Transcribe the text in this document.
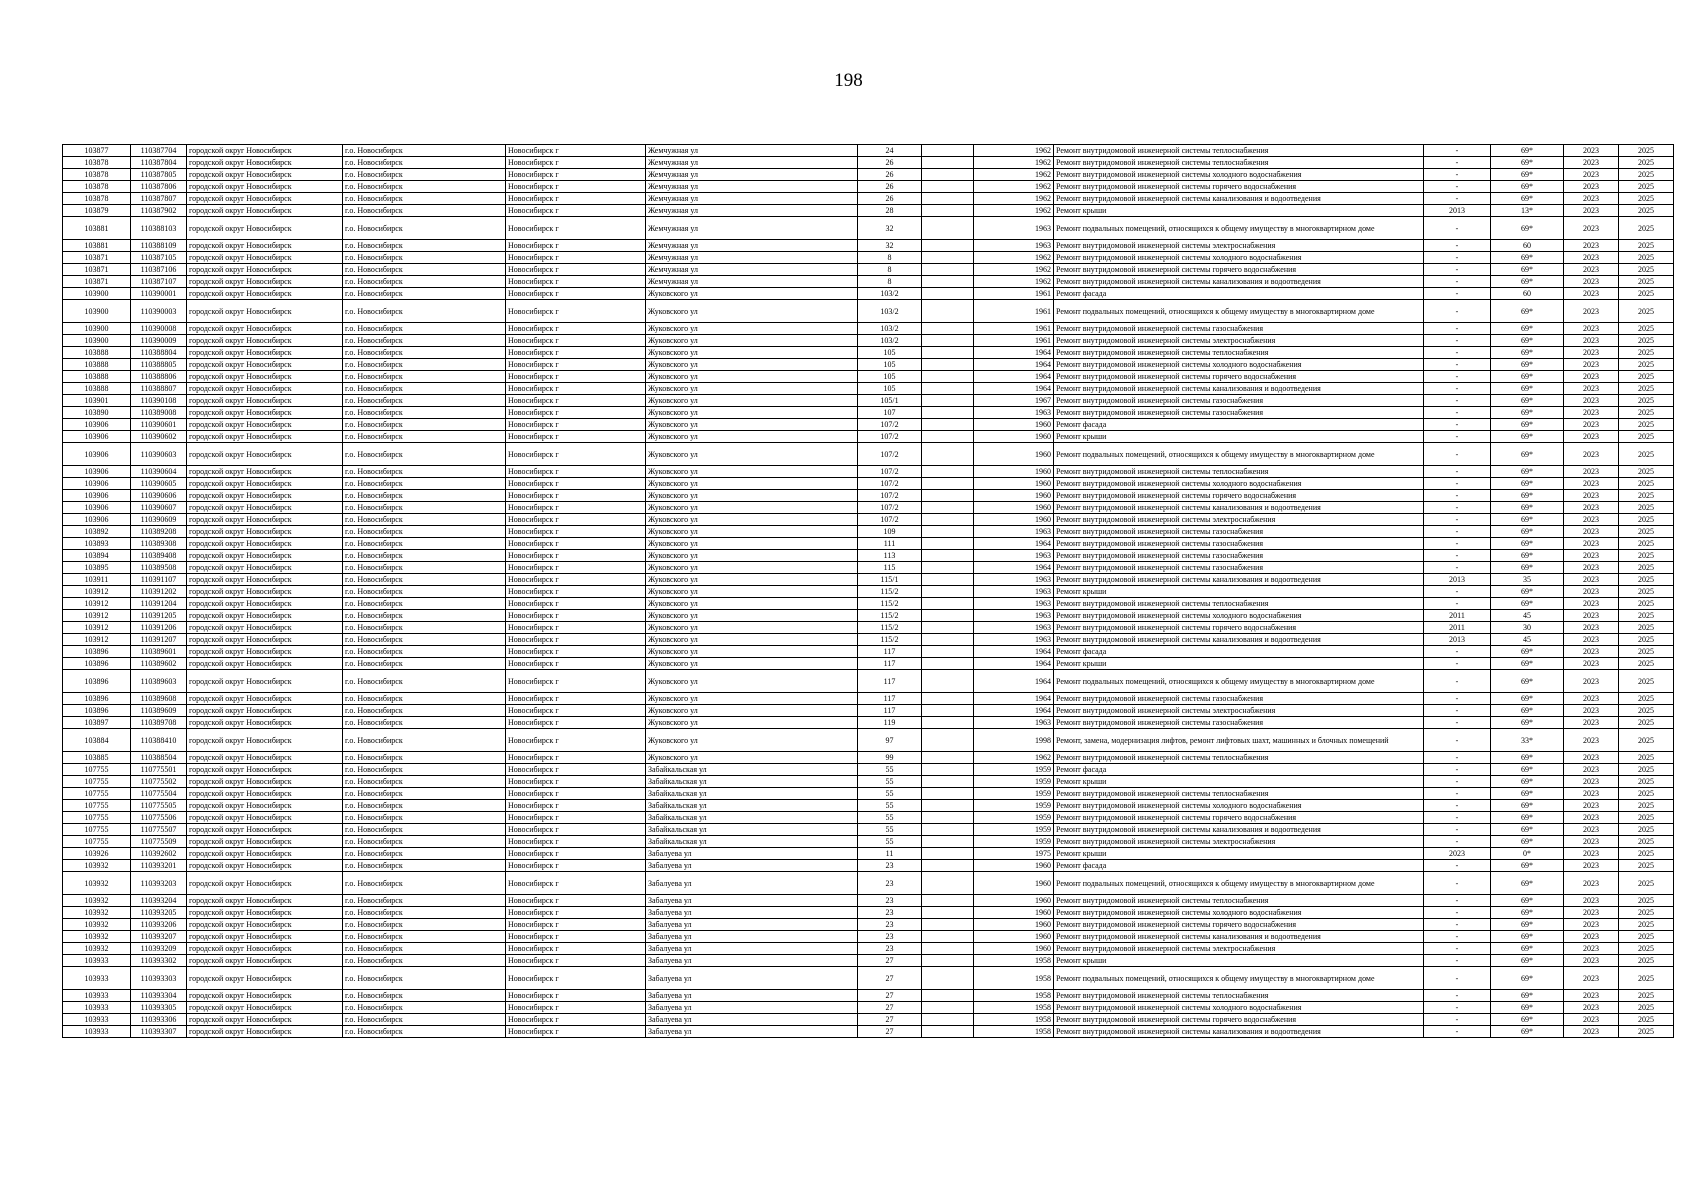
198
103877	110387704	городской округ Новосибирск	г.о. Новосибирск	Новосибирск г	Жемчужная ул	24		1962	Ремонт внутридомовой инженерной системы теплоснабжения	-	69*	2023	2025
103878	110387804	городской округ Новосибирск	г.о. Новосибирск	Новосибирск г	Жемчужная ул	26		1962	Ремонт внутридомовой инженерной системы теплоснабжения	-	69*	2023	2025
103878	110387805	городской округ Новосибирск	г.о. Новосибирск	Новосибирск г	Жемчужная ул	26		1962	Ремонт внутридомовой инженерной системы холодного водоснабжения	-	69*	2023	2025
103878	110387806	городской округ Новосибирск	г.о. Новосибирск	Новосибирск г	Жемчужная ул	26		1962	Ремонт внутридомовой инженерной системы горячего водоснабжения	-	69*	2023	2025
103878	110387807	городской округ Новосибирск	г.о. Новосибирск	Новосибирск г	Жемчужная ул	26		1962	Ремонт внутридомовой инженерной системы канализования и водоотведения	-	69*	2023	2025
103879	110387902	городской округ Новосибирск	г.о. Новосибирск	Новосибирск г	Жемчужная ул	28		1962	Ремонт крыши	2013	13*	2023	2025
103881	110388103	городской округ Новосибирск	г.о. Новосибирск	Новосибирск г	Жемчужная ул	32		1963	Ремонт подвальных помещений, относящихся к общему имуществу в многоквартирном доме	-	69*	2023	2025
103881	110388109	городской округ Новосибирск	г.о. Новосибирск	Новосибирск г	Жемчужная ул	32		1963	Ремонт внутридомовой инженерной системы электроснабжения	-	60	2023	2025
103871	110387105	городской округ Новосибирск	г.о. Новосибирск	Новосибирск г	Жемчужная ул	8		1962	Ремонт внутридомовой инженерной системы холодного водоснабжения	-	69*	2023	2025
103871	110387106	городской округ Новосибирск	г.о. Новосибирск	Новосибирск г	Жемчужная ул	8		1962	Ремонт внутридомовой инженерной системы горячего водоснабжения	-	69*	2023	2025
103871	110387107	городской округ Новосибирск	г.о. Новосибирск	Новосибирск г	Жемчужная ул	8		1962	Ремонт внутридомовой инженерной системы канализования и водоотведения	-	69*	2023	2025
103900	110390001	городской округ Новосибирск	г.о. Новосибирск	Новосибирск г	Жуковского ул	103/2		1961	Ремонт фасада	-	60	2023	2025
103900	110390003	городской округ Новосибирск	г.о. Новосибирск	Новосибирск г	Жуковского ул	103/2		1961	Ремонт подвальных помещений, относящихся к общему имуществу в многоквартирном доме	-	69*	2023	2025
103900	110390008	городской округ Новосибирск	г.о. Новосибирск	Новосибирск г	Жуковского ул	103/2		1961	Ремонт внутридомовой инженерной системы газоснабжения	-	69*	2023	2025
103900	110390009	городской округ Новосибирск	г.о. Новосибирск	Новосибирск г	Жуковского ул	103/2		1961	Ремонт внутридомовой инженерной системы электроснабжения	-	69*	2023	2025
103888	110388804	городской округ Новосибирск	г.о. Новосибирск	Новосибирск г	Жуковского ул	105		1964	Ремонт внутридомовой инженерной системы теплоснабжения	-	69*	2023	2025
103888	110388805	городской округ Новосибирск	г.о. Новосибирск	Новосибирск г	Жуковского ул	105		1964	Ремонт внутридомовой инженерной системы холодного водоснабжения	-	69*	2023	2025
103888	110388806	городской округ Новосибирск	г.о. Новосибирск	Новосибирск г	Жуковского ул	105		1964	Ремонт внутридомовой инженерной системы горячего водоснабжения	-	69*	2023	2025
103888	110388807	городской округ Новосибирск	г.о. Новосибирск	Новосибирск г	Жуковского ул	105		1964	Ремонт внутридомовой инженерной системы канализования и водоотведения	-	69*	2023	2025
103901	110390108	городской округ Новосибирск	г.о. Новосибирск	Новосибирск г	Жуковского ул	105/1		1967	Ремонт внутридомовой инженерной системы газоснабжения	-	69*	2023	2025
103890	110389008	городской округ Новосибирск	г.о. Новосибирск	Новосибирск г	Жуковского ул	107		1963	Ремонт внутридомовой инженерной системы газоснабжения	-	69*	2023	2025
103906	110390601	городской округ Новосибирск	г.о. Новосибирск	Новосибирск г	Жуковского ул	107/2		1960	Ремонт фасада	-	69*	2023	2025
103906	110390602	городской округ Новосибирск	г.о. Новосибирск	Новосибирск г	Жуковского ул	107/2		1960	Ремонт крыши	-	69*	2023	2025
103906	110390603	городской округ Новосибирск	г.о. Новосибирск	Новосибирск г	Жуковского ул	107/2		1960	Ремонт подвальных помещений, относящихся к общему имуществу в многоквартирном доме	-	69*	2023	2025
103906	110390604	городской округ Новосибирск	г.о. Новосибирск	Новосибирск г	Жуковского ул	107/2		1960	Ремонт внутридомовой инженерной системы теплоснабжения	-	69*	2023	2025
103906	110390605	городской округ Новосибирск	г.о. Новосибирск	Новосибирск г	Жуковского ул	107/2		1960	Ремонт внутридомовой инженерной системы холодного водоснабжения	-	69*	2023	2025
103906	110390606	городской округ Новосибирск	г.о. Новосибирск	Новосибирск г	Жуковского ул	107/2		1960	Ремонт внутридомовой инженерной системы горячего водоснабжения	-	69*	2023	2025
103906	110390607	городской округ Новосибирск	г.о. Новосибирск	Новосибирск г	Жуковского ул	107/2		1960	Ремонт внутридомовой инженерной системы канализования и водоотведения	-	69*	2023	2025
103906	110390609	городской округ Новосибирск	г.о. Новосибирск	Новосибирск г	Жуковского ул	107/2		1960	Ремонт внутридомовой инженерной системы электроснабжения	-	69*	2023	2025
103892	110389208	городской округ Новосибирск	г.о. Новосибирск	Новосибирск г	Жуковского ул	109		1963	Ремонт внутридомовой инженерной системы газоснабжения	-	69*	2023	2025
103893	110389308	городской округ Новосибирск	г.о. Новосибирск	Новосибирск г	Жуковского ул	111		1964	Ремонт внутридомовой инженерной системы газоснабжения	-	69*	2023	2025
103894	110389408	городской округ Новосибирск	г.о. Новосибирск	Новосибирск г	Жуковского ул	113		1963	Ремонт внутридомовой инженерной системы газоснабжения	-	69*	2023	2025
103895	110389508	городской округ Новосибирск	г.о. Новосибирск	Новосибирск г	Жуковского ул	115		1964	Ремонт внутридомовой инженерной системы газоснабжения	-	69*	2023	2025
103911	110391107	городской округ Новосибирск	г.о. Новосибирск	Новосибирск г	Жуковского ул	115/1		1963	Ремонт внутридомовой инженерной системы канализования и водоотведения	2013	35	2023	2025
103912	110391202	городской округ Новосибирск	г.о. Новосибирск	Новосибирск г	Жуковского ул	115/2		1963	Ремонт крыши	-	69*	2023	2025
103912	110391204	городской округ Новосибирск	г.о. Новосибирск	Новосибирск г	Жуковского ул	115/2		1963	Ремонт внутридомовой инженерной системы теплоснабжения	-	69*	2023	2025
103912	110391205	городской округ Новосибирск	г.о. Новосибирск	Новосибирск г	Жуковского ул	115/2		1963	Ремонт внутридомовой инженерной системы холодного водоснабжения	2011	45	2023	2025
103912	110391206	городской округ Новосибирск	г.о. Новосибирск	Новосибирск г	Жуковского ул	115/2		1963	Ремонт внутридомовой инженерной системы горячего водоснабжения	2011	30	2023	2025
103912	110391207	городской округ Новосибирск	г.о. Новосибирск	Новосибирск г	Жуковского ул	115/2		1963	Ремонт внутридомовой инженерной системы канализования и водоотведения	2013	45	2023	2025
103896	110389601	городской округ Новосибирск	г.о. Новосибирск	Новосибирск г	Жуковского ул	117		1964	Ремонт фасада	-	69*	2023	2025
103896	110389602	городской округ Новосибирск	г.о. Новосибирск	Новосибирск г	Жуковского ул	117		1964	Ремонт крыши	-	69*	2023	2025
103896	110389603	городской округ Новосибирск	г.о. Новосибирск	Новосибирск г	Жуковского ул	117		1964	Ремонт подвальных помещений, относящихся к общему имуществу в многоквартирном доме	-	69*	2023	2025
103896	110389608	городской округ Новосибирск	г.о. Новосибирск	Новосибирск г	Жуковского ул	117		1964	Ремонт внутридомовой инженерной системы газоснабжения	-	69*	2023	2025
103896	110389609	городской округ Новосибирск	г.о. Новосибирск	Новосибирск г	Жуковского ул	117		1964	Ремонт внутридомовой инженерной системы электроснабжения	-	69*	2023	2025
103897	110389708	городской округ Новосибирск	г.о. Новосибирск	Новосибирск г	Жуковского ул	119		1963	Ремонт внутридомовой инженерной системы газоснабжения	-	69*	2023	2025
103884	110388410	городской округ Новосибирск	г.о. Новосибирск	Новосибирск г	Жуковского ул	97		1998	Ремонт, замена, модернизация лифтов, ремонт лифтовых шахт, машинных и блочных помещений	-	33*	2023	2025
103885	110388504	городской округ Новосибирск	г.о. Новосибирск	Новосибирск г	Жуковского ул	99		1962	Ремонт внутридомовой инженерной системы теплоснабжения	-	69*	2023	2025
107755	110775501	городской округ Новосибирск	г.о. Новосибирск	Новосибирск г	Забайкальская ул	55		1959	Ремонт фасада	-	69*	2023	2025
107755	110775502	городской округ Новосибирск	г.о. Новосибирск	Новосибирск г	Забайкальская ул	55		1959	Ремонт крыши	-	69*	2023	2025
107755	110775504	городской округ Новосибирск	г.о. Новосибирск	Новосибирск г	Забайкальская ул	55		1959	Ремонт внутридомовой инженерной системы теплоснабжения	-	69*	2023	2025
107755	110775505	городской округ Новосибирск	г.о. Новосибирск	Новосибирск г	Забайкальская ул	55		1959	Ремонт внутридомовой инженерной системы холодного водоснабжения	-	69*	2023	2025
107755	110775506	городской округ Новосибирск	г.о. Новосибирск	Новосибирск г	Забайкальская ул	55		1959	Ремонт внутридомовой инженерной системы горячего водоснабжения	-	69*	2023	2025
107755	110775507	городской округ Новосибирск	г.о. Новосибирск	Новосибирск г	Забайкальская ул	55		1959	Ремонт внутридомовой инженерной системы канализования и водоотведения	-	69*	2023	2025
107755	110775509	городской округ Новосибирск	г.о. Новосибирск	Новосибирск г	Забайкальская ул	55		1959	Ремонт внутридомовой инженерной системы электроснабжения	-	69*	2023	2025
103926	110392602	городской округ Новосибирск	г.о. Новосибирск	Новосибирск г	Забалуева ул	11		1975	Ремонт крыши	2023	0*	2023	2025
103932	110393201	городской округ Новосибирск	г.о. Новосибирск	Новосибирск г	Забалуева ул	23		1960	Ремонт фасада	-	69*	2023	2025
103932	110393203	городской округ Новосибирск	г.о. Новосибирск	Новосибирск г	Забалуева ул	23		1960	Ремонт подвальных помещений, относящихся к общему имуществу в многоквартирном доме	-	69*	2023	2025
103932	110393204	городской округ Новосибирск	г.о. Новосибирск	Новосибирск г	Забалуева ул	23		1960	Ремонт внутридомовой инженерной системы теплоснабжения	-	69*	2023	2025
103932	110393205	городской округ Новосибирск	г.о. Новосибирск	Новосибирск г	Забалуева ул	23		1960	Ремонт внутридомовой инженерной системы холодного водоснабжения	-	69*	2023	2025
103932	110393206	городской округ Новосибирск	г.о. Новосибирск	Новосибирск г	Забалуева ул	23		1960	Ремонт внутридомовой инженерной системы горячего водоснабжения	-	69*	2023	2025
103932	110393207	городской округ Новосибирск	г.о. Новосибирск	Новосибирск г	Забалуева ул	23		1960	Ремонт внутридомовой инженерной системы канализования и водоотведения	-	69*	2023	2025
103932	110393209	городской округ Новосибирск	г.о. Новосибирск	Новосибирск г	Забалуева ул	23		1960	Ремонт внутридомовой инженерной системы электроснабжения	-	69*	2023	2025
103933	110393302	городской округ Новосибирск	г.о. Новосибирск	Новосибирск г	Забалуева ул	27		1958	Ремонт крыши	-	69*	2023	2025
103933	110393303	городской округ Новосибирск	г.о. Новосибирск	Новосибирск г	Забалуева ул	27		1958	Ремонт подвальных помещений, относящихся к общему имуществу в многоквартирном доме	-	69*	2023	2025
103933	110393304	городской округ Новосибирск	г.о. Новосибирск	Новосибирск г	Забалуева ул	27		1958	Ремонт внутридомовой инженерной системы теплоснабжения	-	69*	2023	2025
103933	110393305	городской округ Новосибирск	г.о. Новосибирск	Новосибирск г	Забалуева ул	27		1958	Ремонт внутридомовой инженерной системы холодного водоснабжения	-	69*	2023	2025
103933	110393306	городской округ Новосибирск	г.о. Новосибирск	Новосибирск г	Забалуева ул	27		1958	Ремонт внутридомовой инженерной системы горячего водоснабжения	-	69*	2023	2025
103933	110393307	городской округ Новосибирск	г.о. Новосибирск	Новосибирск г	Забалуева ул	27		1958	Ремонт внутридомовой инженерной системы канализования и водоотведения	-	69*	2023	2025
